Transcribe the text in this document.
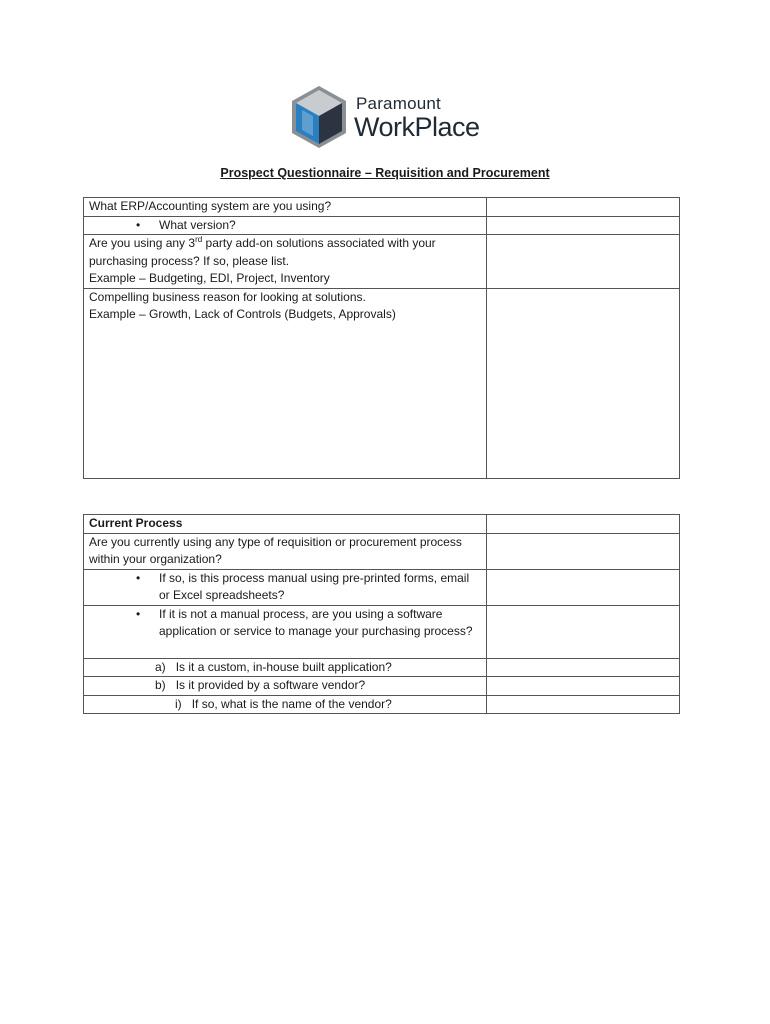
Paramount
WorkPlace
Prospect Questionnaire – Requisition and Procurement
What ERP/Accounting system are you using?	

• What version?

Are you using any 3rd party add-on solutions associated with your purchasing process? If so, please list.
Example – Budgeting, EDI, Project, Inventory	

Compelling business reason for looking at solutions.
Example – Growth, Lack of Controls (Budgets, Approvals)	

Current Process	

Are you currently using any type of requisition or procurement process within your organization?	

• If so, is this process manual using pre-printed forms, email or Excel spreadsheets?

• If it is not a manual process, are you using a software application or service to manage your purchasing process?

a) Is it a custom, in-house built application?	

b) Is it provided by a software vendor?	

i) If so, what is the name of the vendor?	
